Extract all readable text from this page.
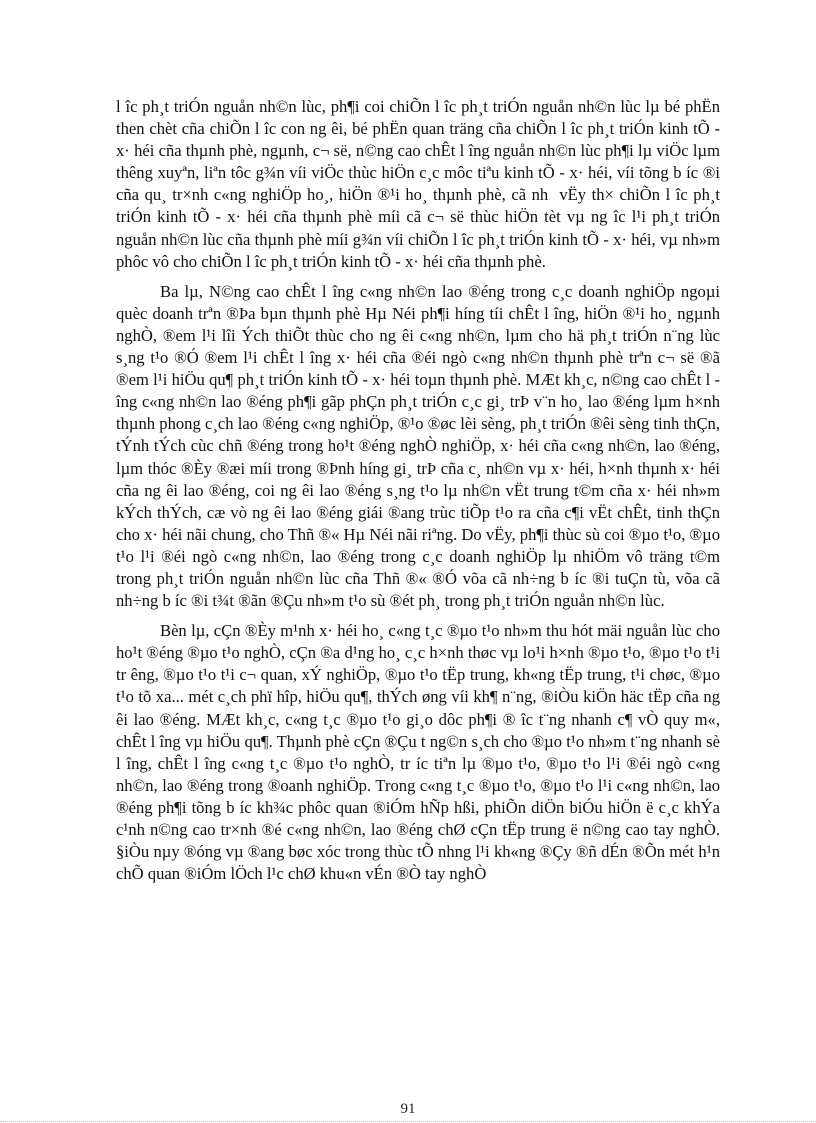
l îc ph¸t triÓn nguån nh©n lùc, ph¶i coi chiÕn l îc ph¸t triÓn nguån nh©n lùc lµ bé phËn then chèt cña chiÕn l îc con ng êi, bé phËn quan träng cña chiÕn l îc ph¸t triÓn kinh tÕ - x· héi cña thµnh phè, ngµnh, c¬ së, n©ng cao chÊt l îng nguån nh©n lùc ph¶i lµ viÖc lµm thêng xuyªn, liªn tôc g¾n víi viÖc thùc hiÖn c¸c môc tiªu kinh tÕ - x· héi, víi tõng b íc ®i cña qu¸ tr×nh c«ng nghiÖp ho¸, hiÖn ®¹i ho¸ thµnh phè, cã nh vËy th× chiÕn l îc ph¸t triÓn kinh tÕ - x· héi cña thµnh phè míi cã c¬ së thùc hiÖn tèt vµ ng îc l¹i ph¸t triÓn nguån nh©n lùc cña thµnh phè míi g¾n víi chiÕn l îc ph¸t triÓn kinh tÕ - x· héi, vµ nh»m phôc vô cho chiÕn l îc ph¸t triÓn kinh tÕ - x· héi cña thµnh phè.

Ba lµ, N©ng cao chÊt l îng c«ng nh©n lao ®éng trong c¸c doanh nghiÖp ngoµi quèc doanh trªn ®Þa bµn thµnh phè Hµ Néi ph¶i híng tíi chÊt l îng, hiÖn ®¹i ho¸ ngµnh nghÒ, ®em l¹i lîi Ých thiÕt thùc cho ng êi c«ng nh©n, lµm cho hä ph¸t triÓn n¨ng lùc s¸ng t¹o ®Ó ®em l¹i chÊt l îng x· héi cña ®éi ngò c«ng nh©n thµnh phè trªn c¬ së ®ã ®em l¹i hiÖu qu¶ ph¸t triÓn kinh tÕ - x· héi toµn thµnh phè. MÆt kh¸c, n©ng cao chÊt l îng c«ng nh©n lao ®éng ph¶i gãp phÇn ph¸t triÓn c¸c gi¸ trÞ v¨n ho¸ lao ®éng lµm h×nh thµnh phong c¸ch lao ®éng c«ng nghiÖp, ®¹o ®øc lèi sèng, ph¸t triÓn ®êi sèng tinh thÇn, tÝnh tÝch cùc chñ ®éng trong ho¹t ®éng nghÒ nghiÖp, x· héi cña c«ng nh©n, lao ®éng, lµm thóc ®Èy ®æi míi trong ®Þnh híng gi¸ trÞ cña c¸ nh©n vµ x· héi, h×nh thµnh x· héi cña ng êi lao ®éng, coi ng êi lao ®éng s¸ng t¹o lµ nh©n vËt trung t©m cña x· héi nh»m kÝch thÝch, cæ vò ng êi lao ®éng giái ®ang trùc tiÕp t¹o ra cña c¶i vËt chÊt, tinh thÇn cho x· héi nãi chung, cho Thñ ®« Hµ Néi nãi riªng. Do vËy, ph¶i thùc sù coi ®µo t¹o, ®µo t¹o l¹i ®éi ngò c«ng nh©n, lao ®éng trong c¸c doanh nghiÖp lµ nhiÖm vô träng t©m trong ph¸t triÓn nguån nh©n lùc cña Thñ ®« ®Ó võa cã nh÷ng b íc ®i tuÇn tù, võa cã nh÷ng b íc ®i t¾t ®ãn ®Çu nh»m t¹o sù ®ét ph¸ trong ph¸t triÓn nguån nh©n lùc.

Bèn lµ, cÇn ®Èy m¹nh x· héi ho¸ c«ng t¸c ®µo t¹o nh»m thu hót mäi nguån lùc cho ho¹t ®éng ®µo t¹o nghÒ, cÇn ®a d¹ng ho¸ c¸c h×nh thøc vµ lo¹i h×nh ®µo t¹o, ®µo t¹o t¹i tr êng, ®µo t¹o t¹i c¬ quan, xÝ nghiÖp, ®µo t¹o tËp trung, kh«ng tËp trung, t¹i chøc, ®µo t¹o tõ xa... mét c¸ch phï hîp, hiÖu qu¶, thÝch øng víi kh¶ n¨ng, ®iÒu kiÖn häc tËp cña ng êi lao ®éng. MÆt kh¸c, c«ng t¸c ®µo t¹o gi¸o dôc ph¶i ® îc t¨ng nhanh c¶ vÒ quy m«, chÊt l îng vµ hiÖu qu¶. Thµnh phè cÇn ®Çu t ng©n s¸ch cho ®µo t¹o nh»m t¨ng nhanh sè l îng, chÊt l îng c«ng t¸c ®µo t¹o nghÒ, tr íc tiªn lµ ®µo t¹o, ®µo t¹o l¹i ®éi ngò c«ng nh©n, lao ®éng trong ®oanh nghiÖp. Trong c«ng t¸c ®µo t¹o, ®µo t¹o l¹i c«ng nh©n, lao ®éng ph¶i tõng b íc kh¾c phôc quan ®iÓm hÑp hßi, phiÕn diÖn biÓu hiÖn ë c¸c khÝa c¹nh n©ng cao tr×nh ®é c«ng nh©n, lao ®éng chØ cÇn tËp trung ë n©ng cao tay nghÒ. §iÒu nµy ®óng vµ ®ang bøc xóc trong thùc tÕ nhng l¹i kh«ng ®Çy ®ñ dÉn ®Õn mét h¹n chÕ quan ®iÓm lÖch l¹c chØ khu«n vÉn ®Ò tay nghÒ

91
